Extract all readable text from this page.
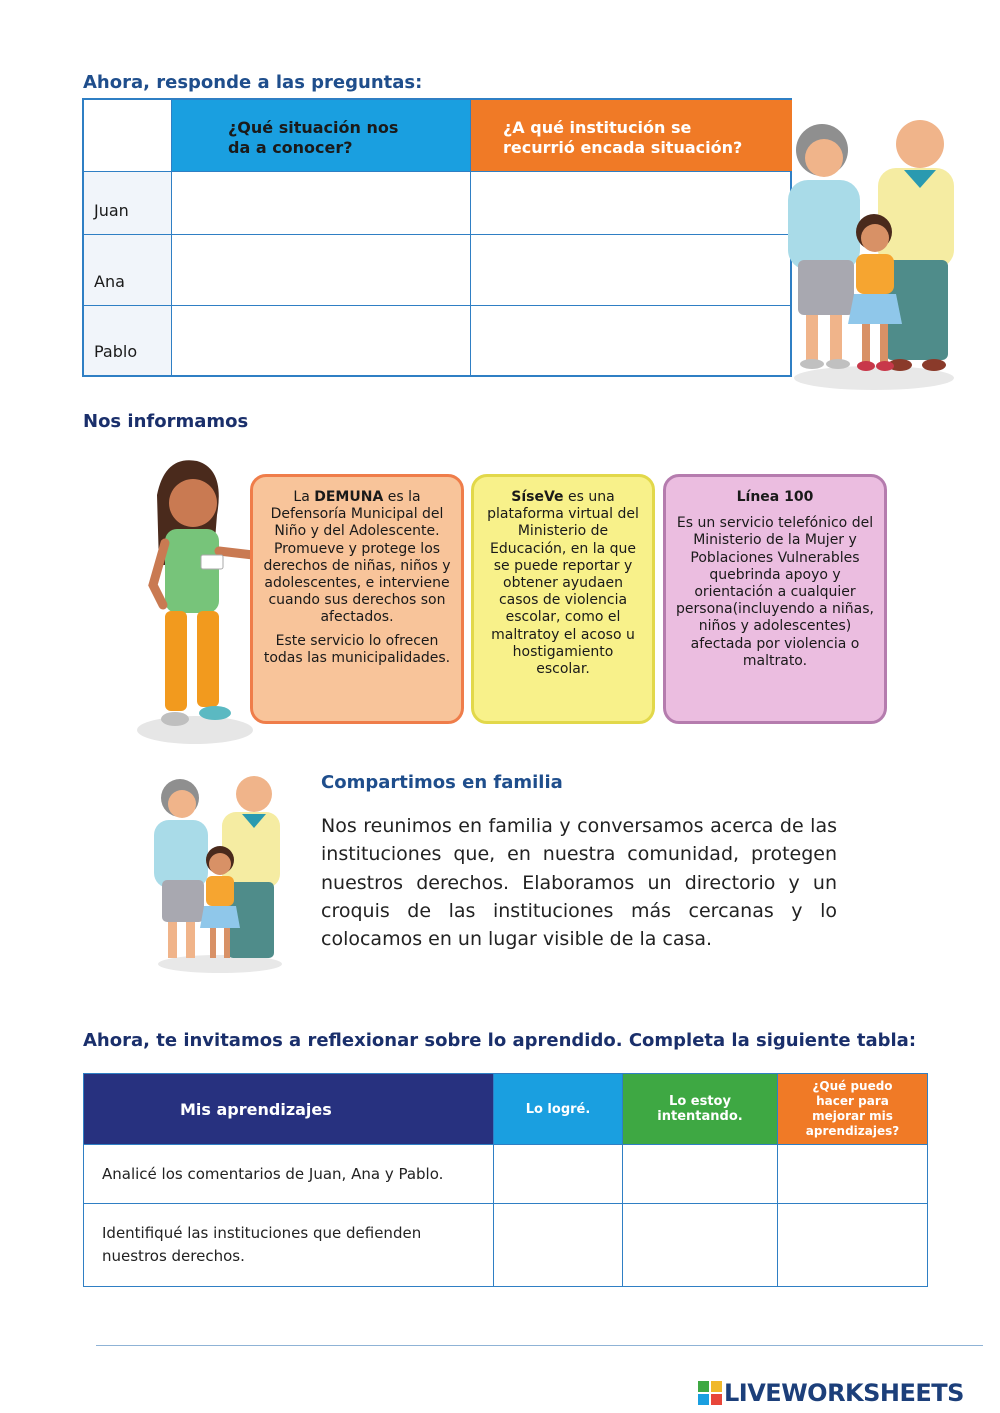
Ahora, responde a las preguntas:
¿Qué situación nos
da a conocer?
¿A qué institución se
recurrió encada situación?
Juan
Ana
Pablo
Nos informamos
La DEMUNA es la Defensoría Municipal del Niño y del Adolescente. Promueve y protege los derechos de niñas, niños y adolescentes, e interviene cuando sus derechos son afectados.
Este servicio lo ofrecen todas las municipalidades.
SíseVe es una plataforma virtual del Ministerio de Educación, en la que se puede reportar y obtener ayudaen casos de violencia escolar, como el maltratoy el acoso u hostigamiento escolar.
Línea 100
Es un servicio telefónico del Ministerio de la Mujer y Poblaciones Vulnerables quebrinda apoyo y orientación a cualquier persona(incluyendo a niñas, niños y adolescentes) afectada por violencia o maltrato.
Compartimos en familia
Nos reunimos en familia y conversamos acerca de las instituciones que, en nuestra comunidad, protegen nuestros derechos. Elaboramos un directorio y un croquis de las instituciones más cercanas y lo colocamos en un lugar visible de la casa.
Ahora, te invitamos a reflexionar sobre lo aprendido. Completa la siguiente tabla:
Mis aprendizajes	Lo logré.	Lo estoy
intentando.
¿Qué puedo
hacer para
mejorar mis
aprendizajes?
Analicé los comentarios de Juan, Ana y Pablo.
Identifiqué las instituciones que defienden
nuestros derechos.
LIVEWORKSHEETS
